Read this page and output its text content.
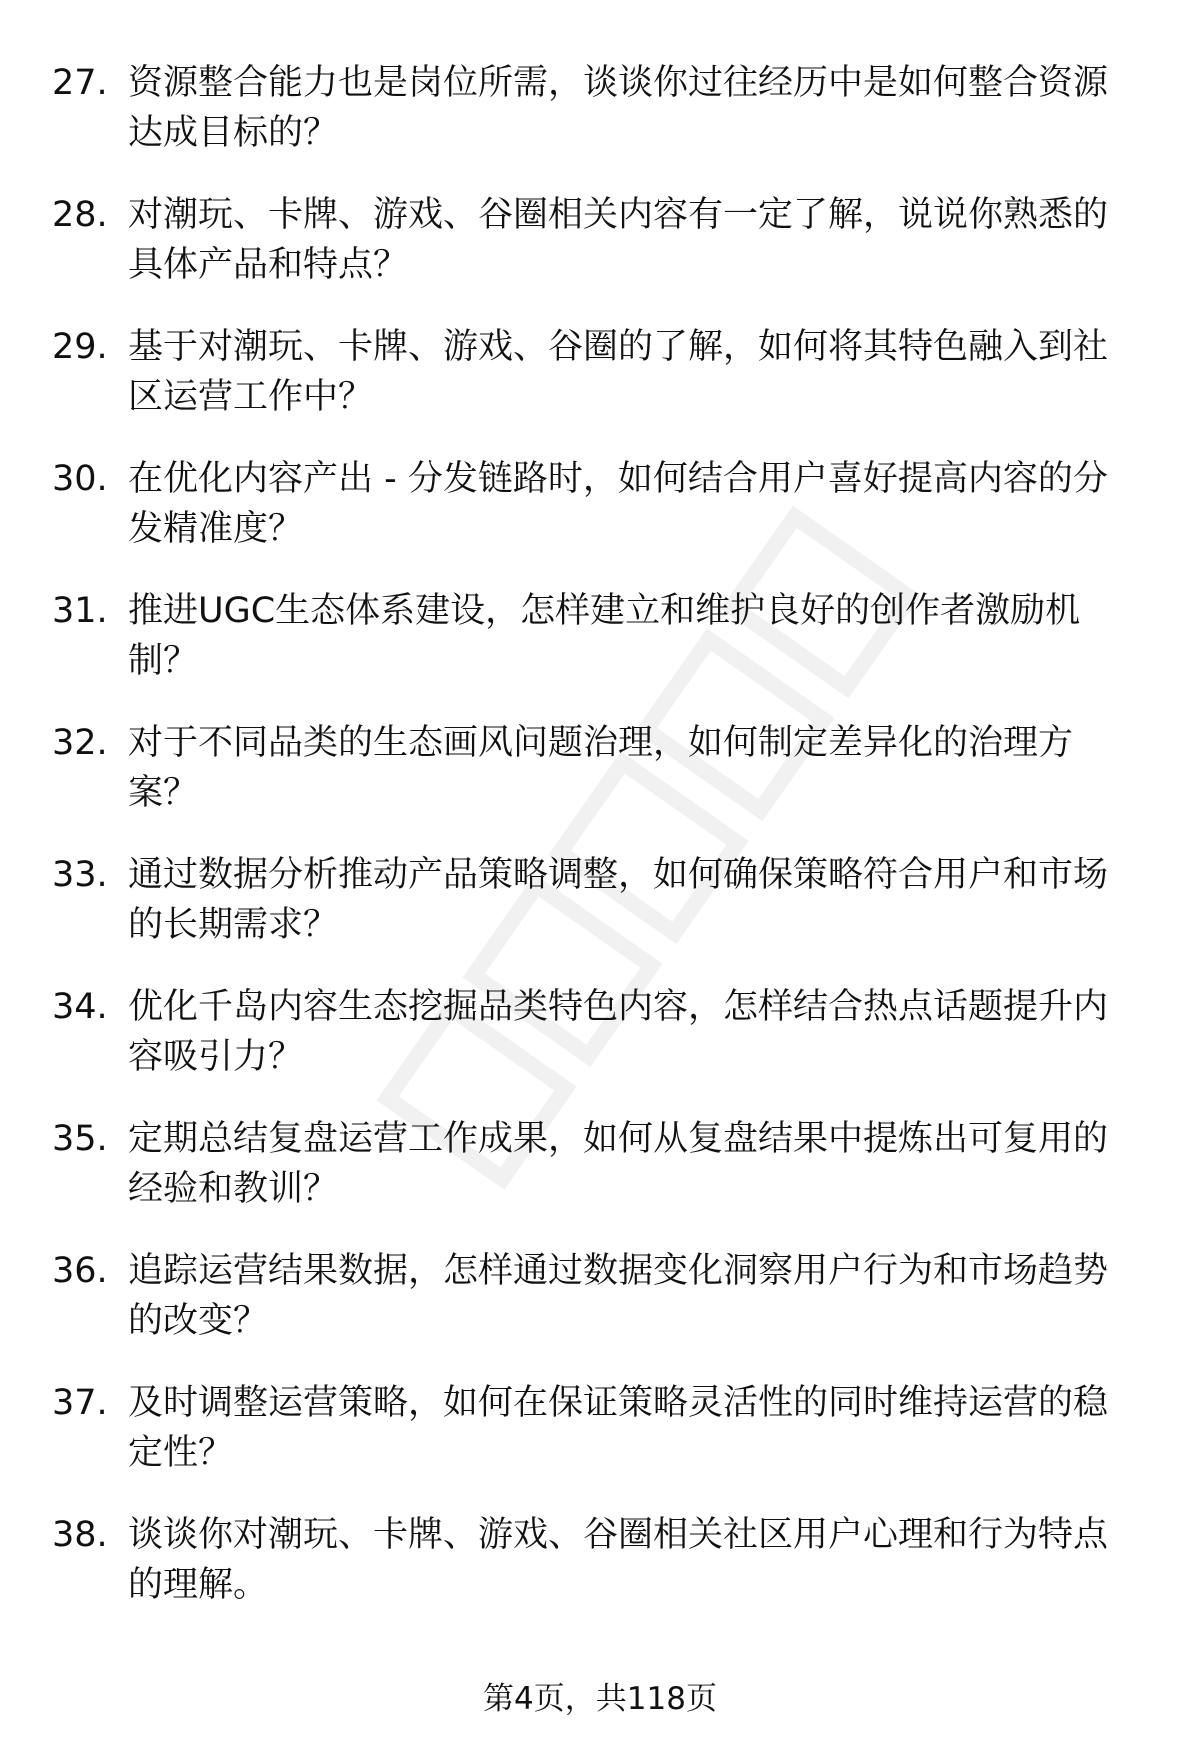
27. 资源整合能力也是岗位所需，谈谈你过往经历中是如何整合资源达成目标的？
28. 对潮玩、卡牌、游戏、谷圈相关内容有一定了解，说说你熟悉的具体产品和特点？
29. 基于对潮玩、卡牌、游戏、谷圈的了解，如何将其特色融入到社区运营工作中？
30. 在优化内容产出 - 分发链路时，如何结合用户喜好提高内容的分发精准度？
31. 推进UGC生态体系建设，怎样建立和维护良好的创作者激励机制？
32. 对于不同品类的生态画风问题治理，如何制定差异化的治理方案？
33. 通过数据分析推动产品策略调整，如何确保策略符合用户和市场的长期需求？
34. 优化千岛内容生态挖掘品类特色内容，怎样结合热点话题提升内容吸引力？
35. 定期总结复盘运营工作成果，如何从复盘结果中提炼出可复用的经验和教训？
36. 追踪运营结果数据，怎样通过数据变化洞察用户行为和市场趋势的改变？
37. 及时调整运营策略，如何在保证策略灵活性的同时维持运营的稳定性？
38. 谈谈你对潮玩、卡牌、游戏、谷圈相关社区用户心理和行为特点的理解。
第4页，共118页
